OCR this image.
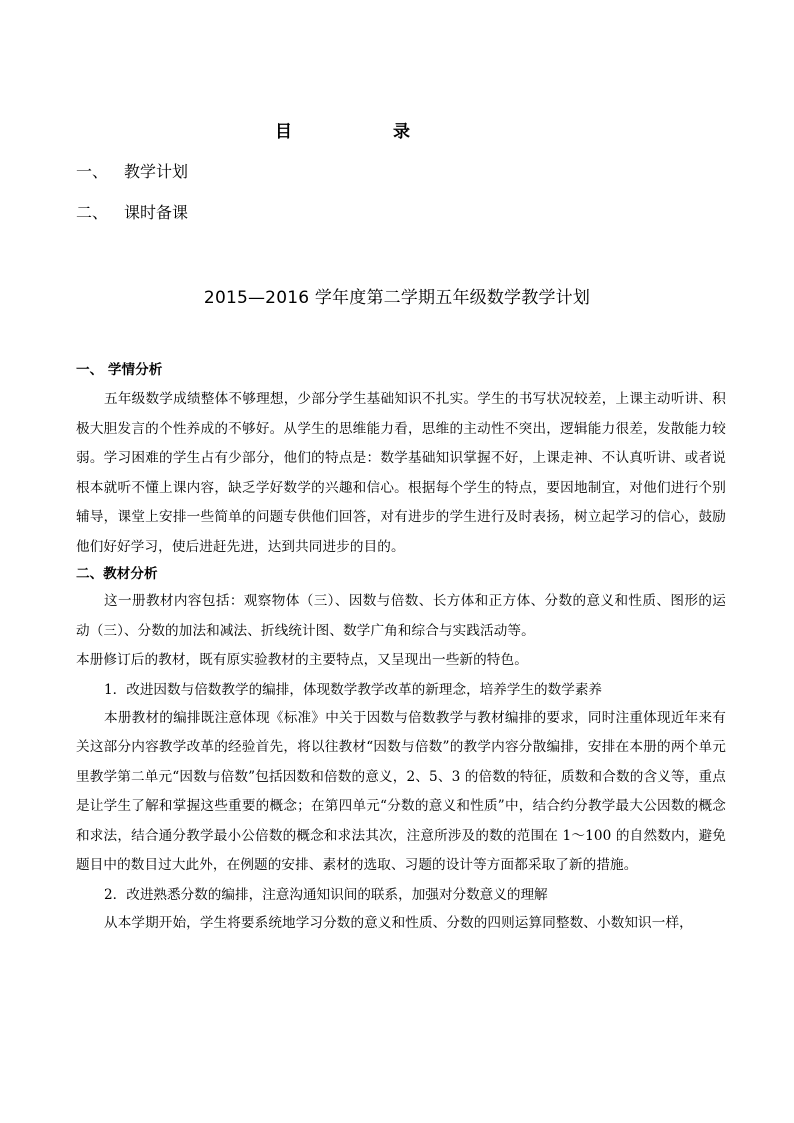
目	录
一、 教学计划
二、 课时备课
2015—2016 学年度第二学期五年级数学教学计划

一、 学情分析

五年级数学成绩整体不够理想，少部分学生基础知识不扎实。学生的书写状况较差，上课主动听讲、积极大胆发言的个性养成的不够好。从学生的思维能力看，思维的主动性不突出，逻辑能力很差，发散能力较弱。学习困难的学生占有少部分，他们的特点是：数学基础知识掌握不好，上课走神、不认真听讲、或者说根本就听不懂上课内容，缺乏学好数学的兴趣和信心。根据每个学生的特点，要因地制宜，对他们进行个别辅导，课堂上安排一些简单的问题专供他们回答，对有进步的学生进行及时表扬，树立起学习的信心，鼓励他们好好学习，使后进赶先进，达到共同进步的目的。

二、教材分析

这一册教材内容包括：观察物体（三）、因数与倍数、长方体和正方体、分数的意义和性质、图形的运动（三）、分数的加法和减法、折线统计图、数学广角和综合与实践活动等。

本册修订后的教材，既有原实验教材的主要特点，又呈现出一些新的特色。

1．改进因数与倍数教学的编排，体现数学教学改革的新理念，培养学生的数学素养

本册教材的编排既注意体现《标准》中关于因数与倍数教学与教材编排的要求，同时注重体现近年来有关这部分内容教学改革的经验首先，将以往教材“因数与倍数”的教学内容分散编排，安排在本册的两个单元里教学第二单元“因数与倍数”包括因数和倍数的意义，2、5、3 的倍数的特征，质数和合数的含义等，重点是让学生了解和掌握这些重要的概念；在第四单元“分数的意义和性质”中，结合约分教学最大公因数的概念和求法，结合通分教学最小公倍数的概念和求法其次，注意所涉及的数的范围在 1～100 的自然数内，避免题目中的数目过大此外，在例题的安排、素材的选取、习题的设计等方面都采取了新的措施。

2．改进熟悉分数的编排，注意沟通知识间的联系，加强对分数意义的理解

从本学期开始，学生将要系统地学习分数的意义和性质、分数的四则运算同整数、小数知识一样，
